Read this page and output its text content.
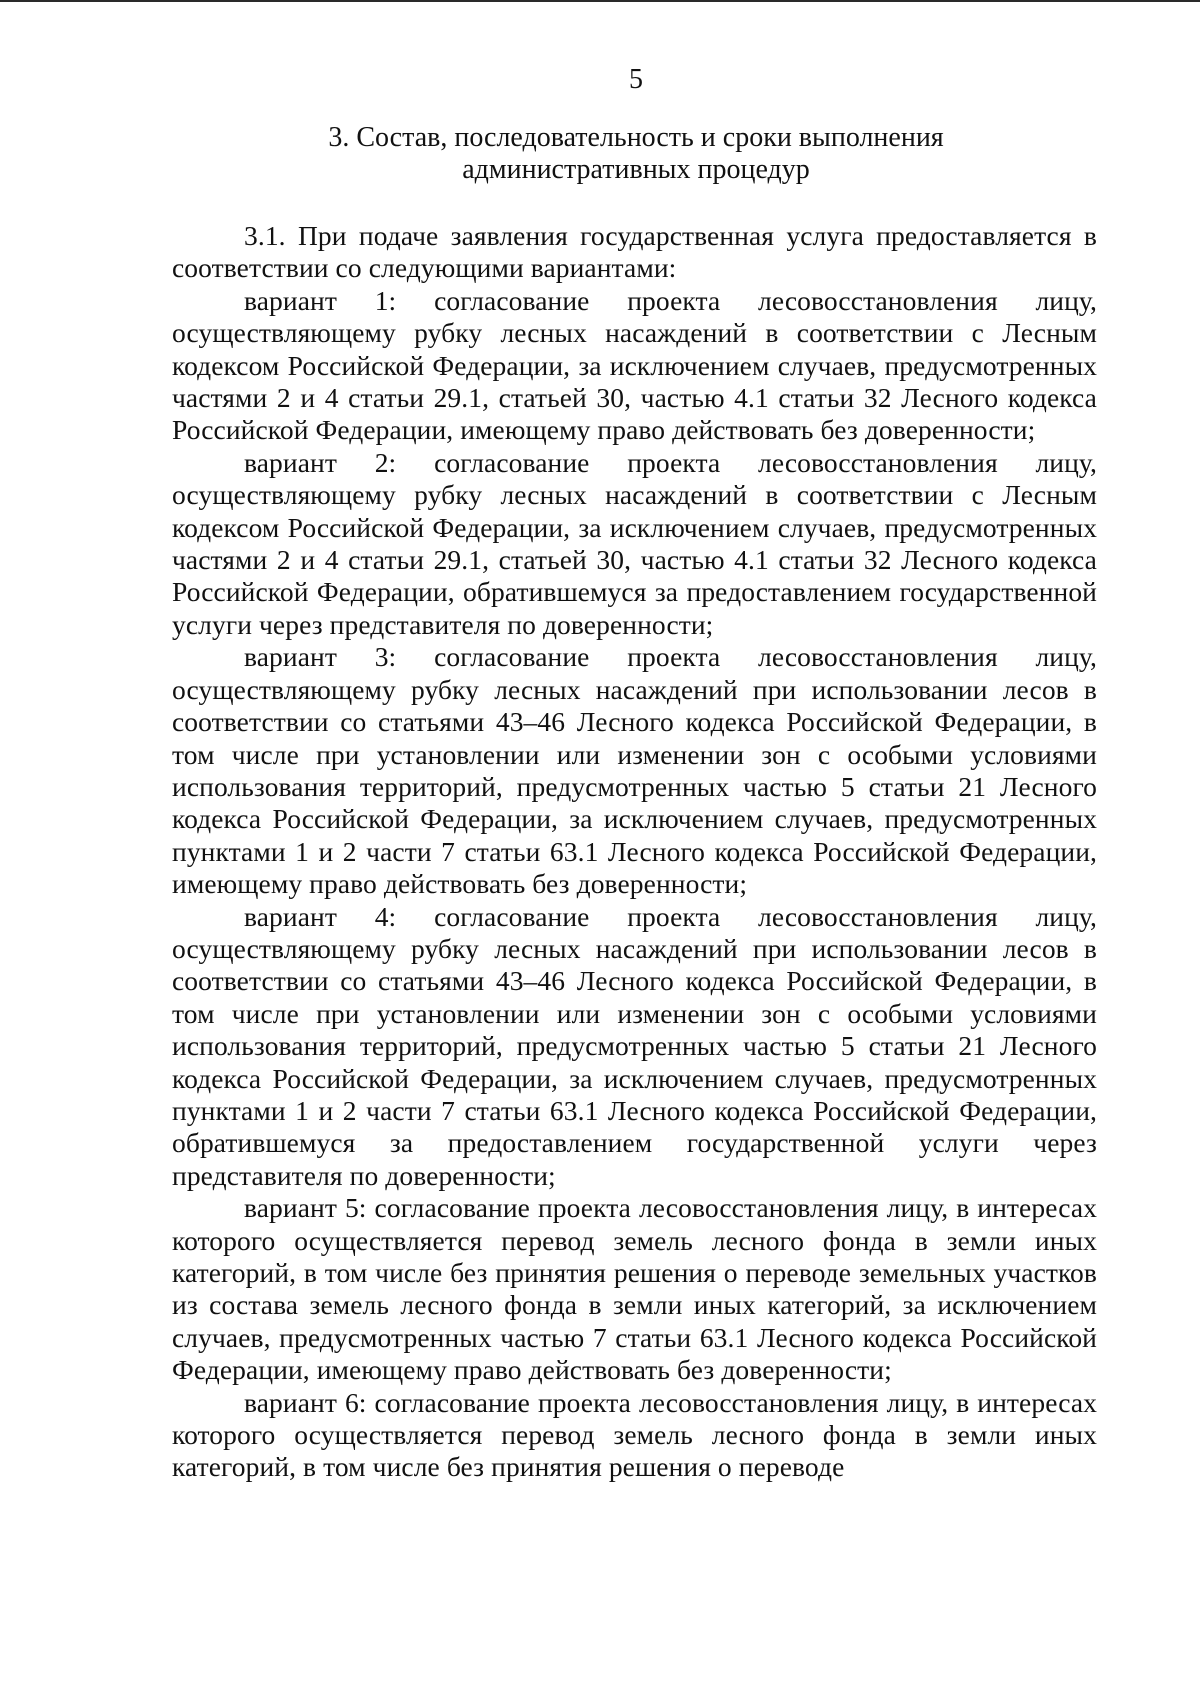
5
3. Состав, последовательность и сроки выполнения
административных процедур

3.1. При подаче заявления государственная услуга предоставляется в соответствии со следующими вариантами:

вариант 1: согласование проекта лесовосстановления лицу, осуществляющему рубку лесных насаждений в соответствии с Лесным кодексом Российской Федерации, за исключением случаев, предусмотренных частями 2 и 4 статьи 29.1, статьей 30, частью 4.1 статьи 32 Лесного кодекса Российской Федерации, имеющему право действовать без доверенности;

вариант 2: согласование проекта лесовосстановления лицу, осуществляющему рубку лесных насаждений в соответствии с Лесным кодексом Российской Федерации, за исключением случаев, предусмотренных частями 2 и 4 статьи 29.1, статьей 30, частью 4.1 статьи 32 Лесного кодекса Российской Федерации, обратившемуся за предоставлением государственной услуги через представителя по доверенности;

вариант 3: согласование проекта лесовосстановления лицу, осуществляющему рубку лесных насаждений при использовании лесов в соответствии со статьями 43–46 Лесного кодекса Российской Федерации, в том числе при установлении или изменении зон с особыми условиями использования территорий, предусмотренных частью 5 статьи 21 Лесного кодекса Российской Федерации, за исключением случаев, предусмотренных пунктами 1 и 2 части 7 статьи 63.1 Лесного кодекса Российской Федерации, имеющему право действовать без доверенности;

вариант 4: согласование проекта лесовосстановления лицу, осуществляющему рубку лесных насаждений при использовании лесов в соответствии со статьями 43–46 Лесного кодекса Российской Федерации, в том числе при установлении или изменении зон с особыми условиями использования территорий, предусмотренных частью 5 статьи 21 Лесного кодекса Российской Федерации, за исключением случаев, предусмотренных пунктами 1 и 2 части 7 статьи 63.1 Лесного кодекса Российской Федерации, обратившемуся за предоставлением государственной услуги через представителя по доверенности;

вариант 5: согласование проекта лесовосстановления лицу, в интересах которого осуществляется перевод земель лесного фонда в земли иных категорий, в том числе без принятия решения о переводе земельных участков из состава земель лесного фонда в земли иных категорий, за исключением случаев, предусмотренных частью 7 статьи 63.1 Лесного кодекса Российской Федерации, имеющему право действовать без доверенности;

вариант 6: согласование проекта лесовосстановления лицу, в интересах которого осуществляется перевод земель лесного фонда в земли иных категорий, в том числе без принятия решения о переводе
